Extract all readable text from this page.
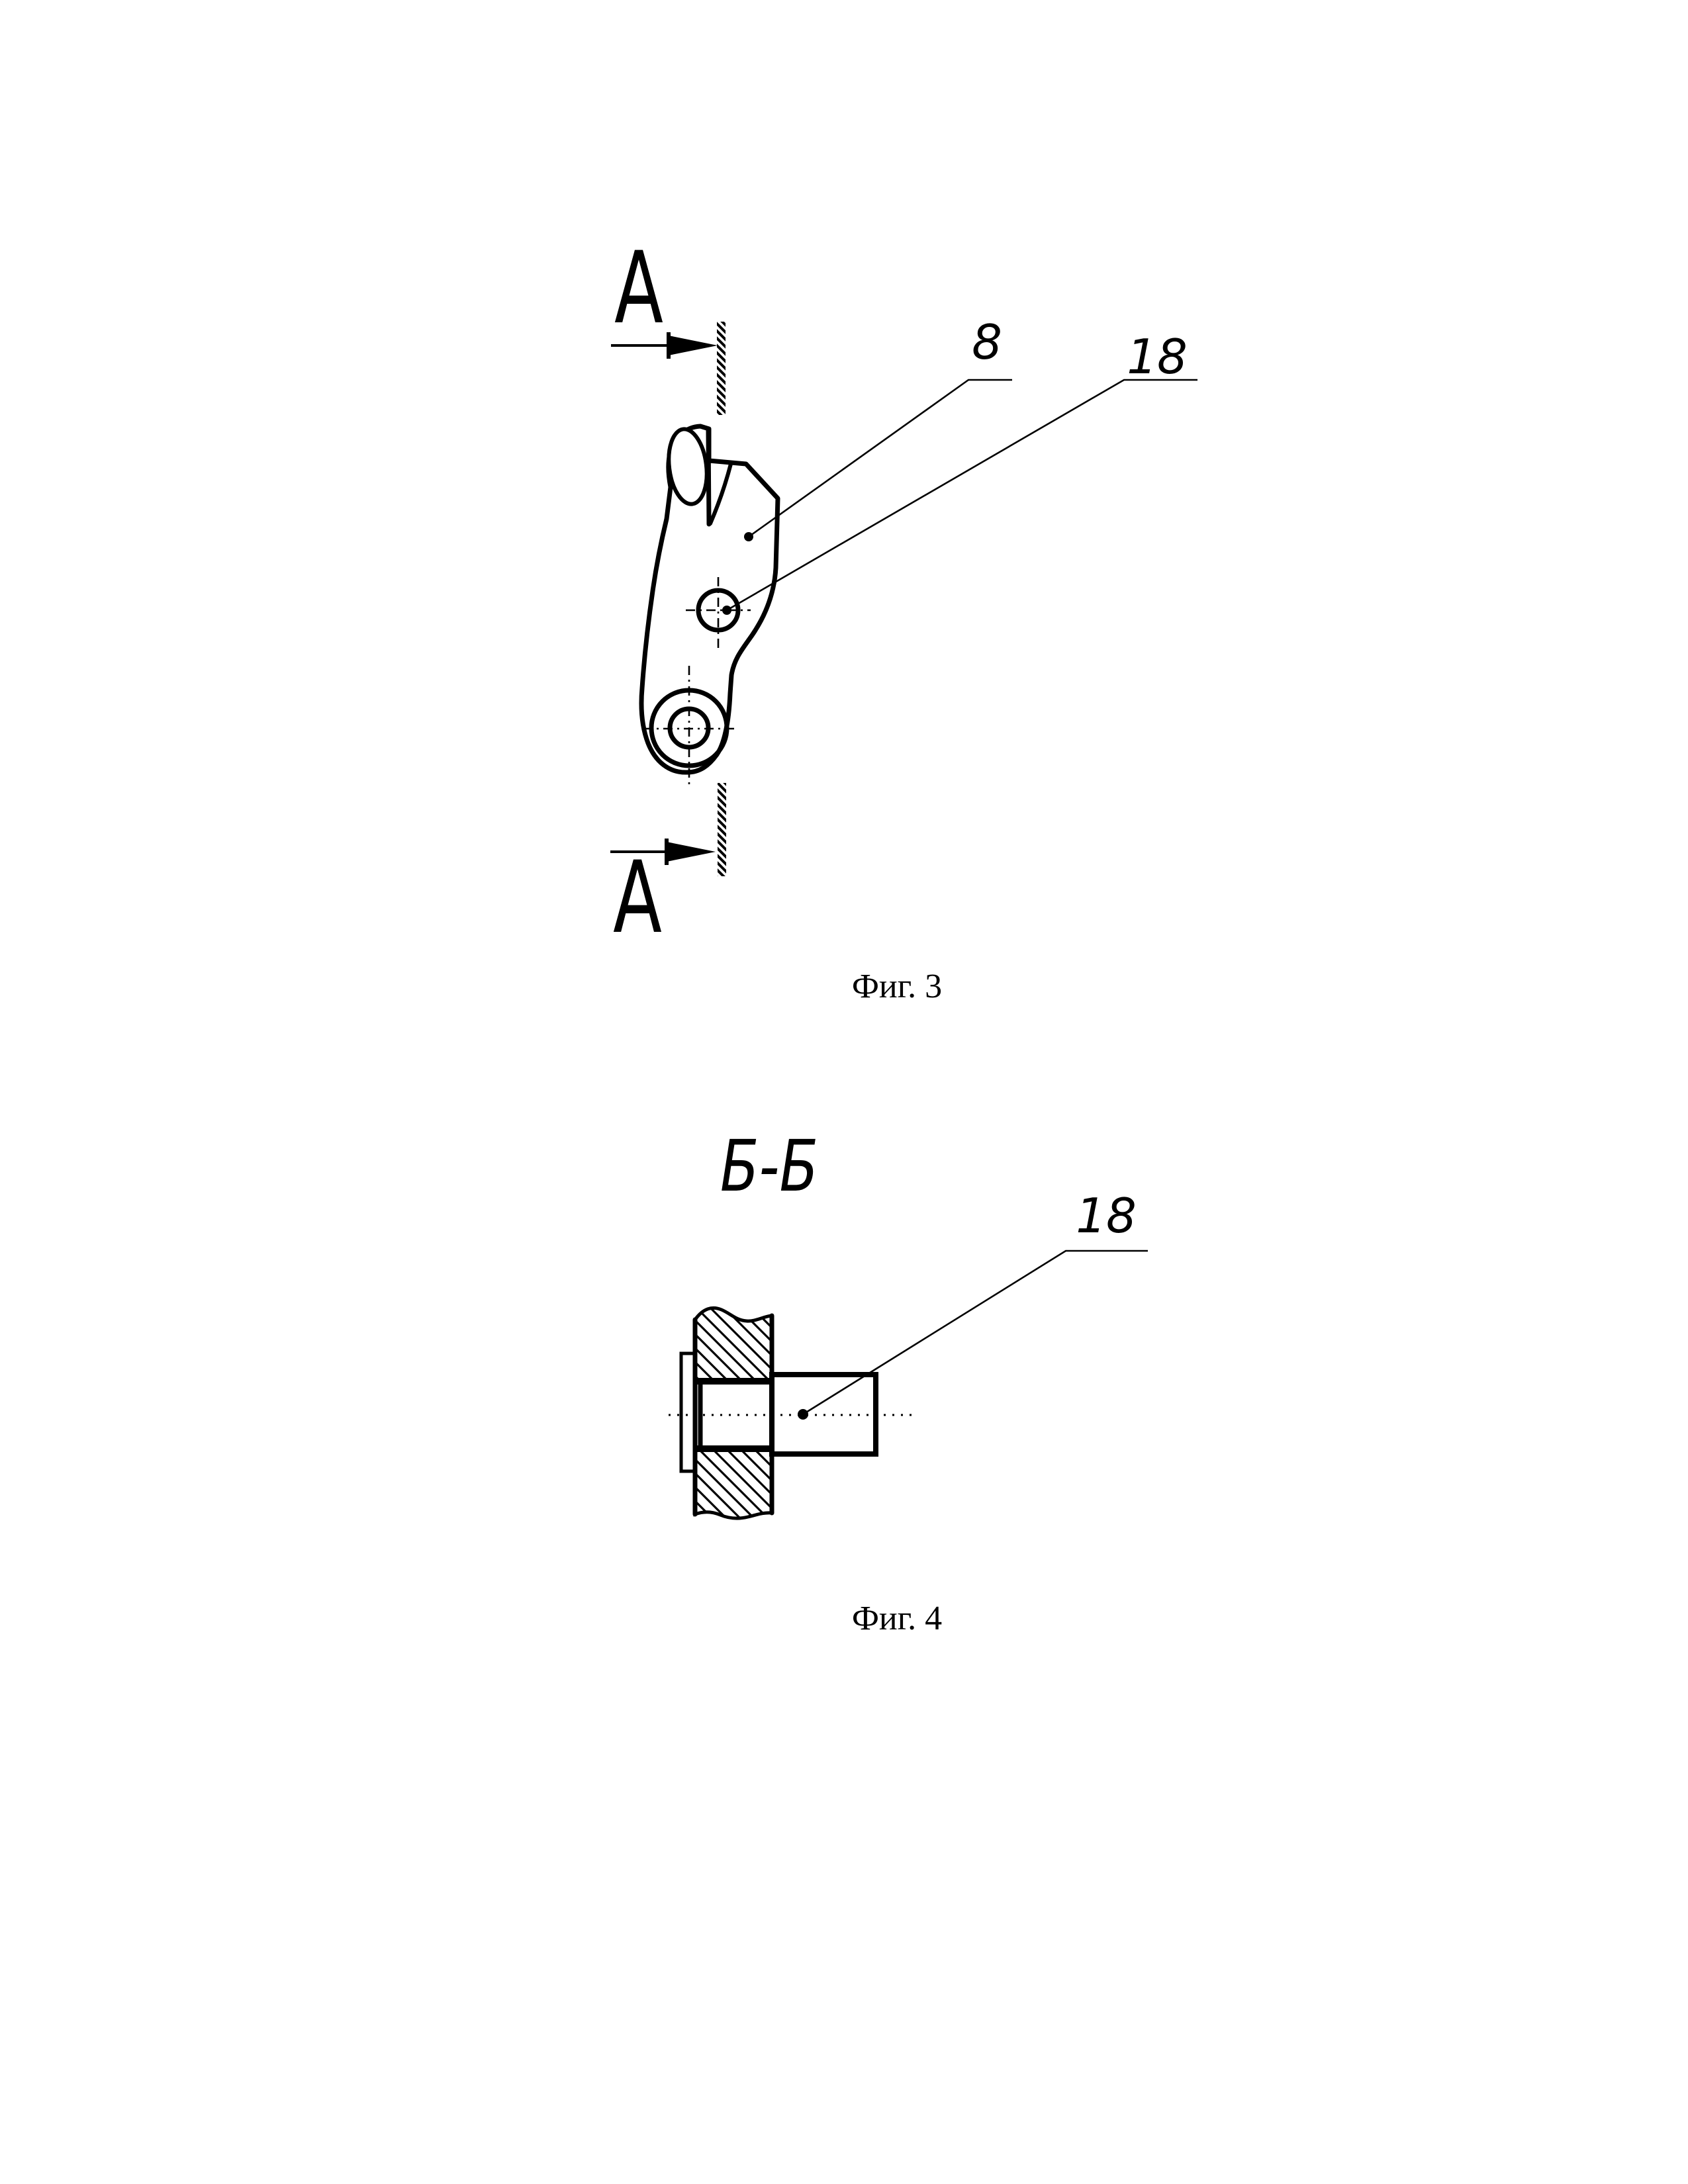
A	8	18
A
Фиг. 3
Б-Б
18
Фиг. 4
